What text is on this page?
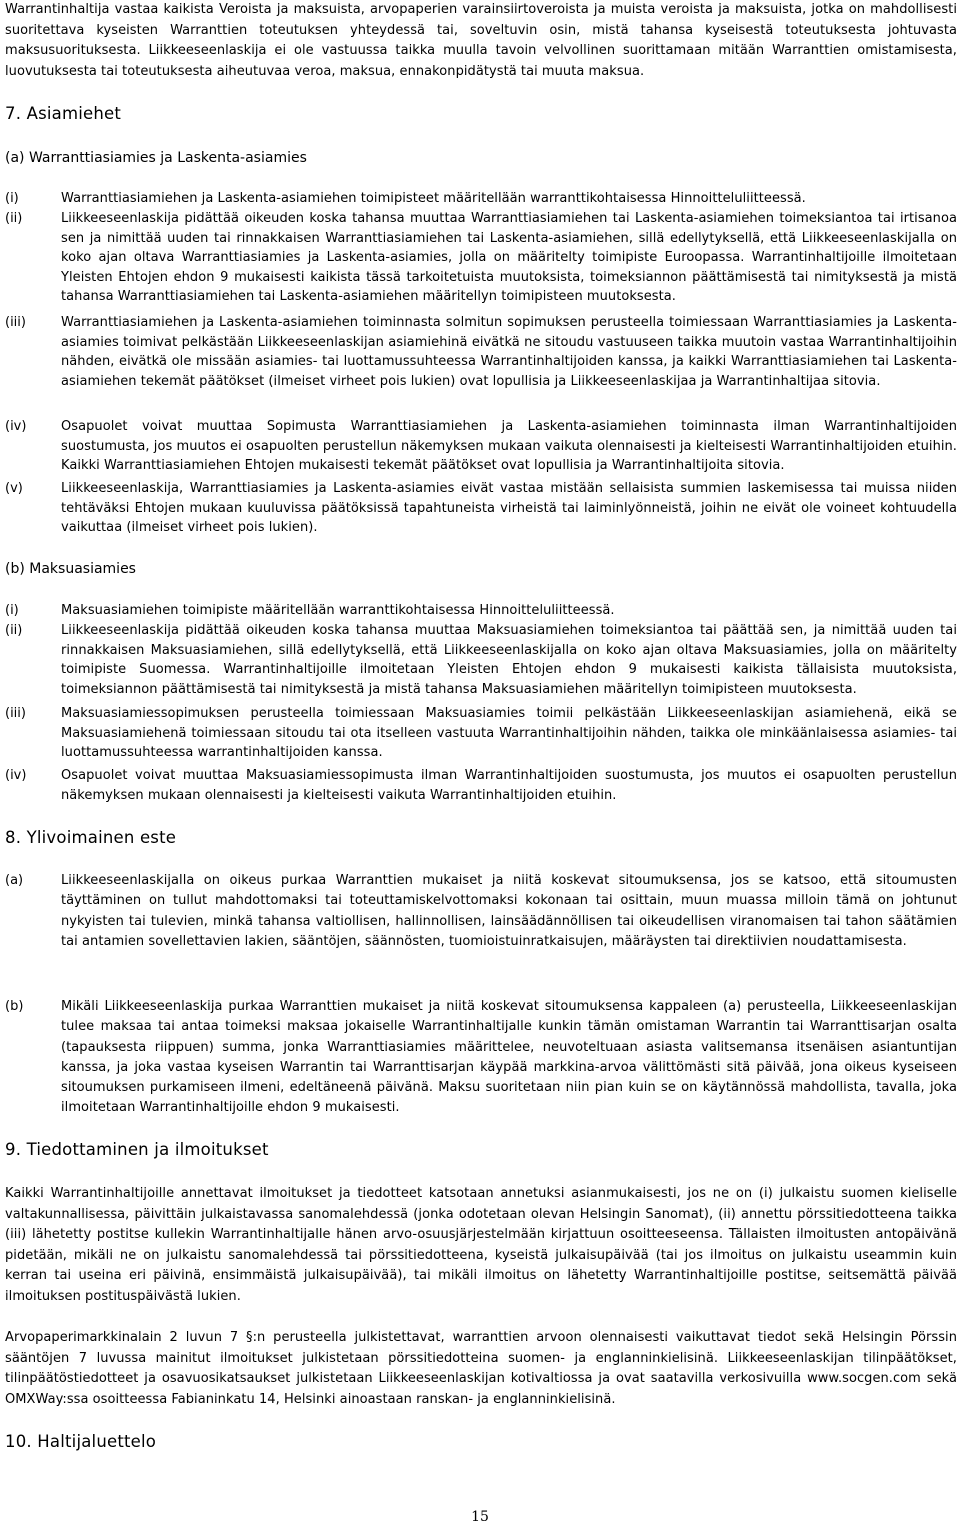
Warrantinhaltija vastaa kaikista Veroista ja maksuista, arvopaperien varainsiirtoveroista ja muista veroista ja maksuista, jotka on mahdollisesti suoritettava kyseisten Warranttien toteutuksen yhteydessä tai, soveltuvin osin, mistä tahansa kyseisestä toteutuksesta johtuvasta maksusuorituksesta. Liikkeeseenlaskija ei ole vastuussa taikka muulla tavoin velvollinen suorittamaan mitään Warranttien omistamisesta, luovutuksesta tai toteutuksesta aiheutuvaa veroa, maksua, ennakonpidätystä tai muuta maksua.

7. Asiamiehet
(a) Warranttiasiamies ja Laskenta-asiamies
(i)	Warranttiasiamiehen ja Laskenta-asiamiehen toimipisteet määritellään warranttikohtaisessa Hinnoitteluliitteessä.
(ii)	Liikkeeseenlaskija pidättää oikeuden koska tahansa muuttaa Warranttiasiamiehen tai Laskenta-asiamiehen toimeksiantoa tai irtisanoa sen ja nimittää uuden tai rinnakkaisen Warranttiasiamiehen tai Laskenta-asiamiehen, sillä edellytyksellä, että Liikkeeseenlaskijalla on koko ajan oltava Warranttiasiamies ja Laskenta-asiamies, jolla on määritelty toimipiste Euroopassa. Warrantinhaltijoille ilmoitetaan Yleisten Ehtojen ehdon 9 mukaisesti kaikista tässä tarkoitetuista muutoksista, toimeksiannon päättämisestä tai nimityksestä ja mistä tahansa Warranttiasiamiehen tai Laskenta-asiamiehen määritellyn toimipisteen muutoksesta.
(iii)	Warranttiasiamiehen ja Laskenta-asiamiehen toiminnasta solmitun sopimuksen perusteella toimiessaan Warranttiasiamies ja Laskenta-asiamies toimivat pelkästään Liikkeeseenlaskijan asiamiehinä eivätkä ne sitoudu vastuuseen taikka muutoin vastaa Warrantinhaltijoihin nähden, eivätkä ole missään asiamies- tai luottamussuhteessa Warrantinhaltijoiden kanssa, ja kaikki Warranttiasiamiehen tai Laskenta-asiamiehen tekemät päätökset (ilmeiset virheet pois lukien) ovat lopullisia ja Liikkeeseenlaskijaa ja Warrantinhaltijaa sitovia.
(iv)	Osapuolet voivat muuttaa Sopimusta Warranttiasiamiehen ja Laskenta-asiamiehen toiminnasta ilman Warrantinhaltijoiden suostumusta, jos muutos ei osapuolten perustellun näkemyksen mukaan vaikuta olennaisesti ja kielteisesti Warrantinhaltijoiden etuihin. Kaikki Warranttiasiamiehen Ehtojen mukaisesti tekemät päätökset ovat lopullisia ja Warrantinhaltijoita sitovia.
(v)	Liikkeeseenlaskija, Warranttiasiamies ja Laskenta-asiamies eivät vastaa mistään sellaisista summien laskemisessa tai muissa niiden tehtäväksi Ehtojen mukaan kuuluvissa päätöksissä tapahtuneista virheistä tai laiminlyönneistä, joihin ne eivät ole voineet kohtuudella vaikuttaa (ilmeiset virheet pois lukien).
(b) Maksuasiamies
(i)	Maksuasiamiehen toimipiste määritellään warranttikohtaisessa Hinnoitteluliitteessä.
(ii)	Liikkeeseenlaskija pidättää oikeuden koska tahansa muuttaa Maksuasiamiehen toimeksiantoa tai päättää sen, ja nimittää uuden tai rinnakkaisen Maksuasiamiehen, sillä edellytyksellä, että Liikkeeseenlaskijalla on koko ajan oltava Maksuasiamies, jolla on määritelty toimipiste Suomessa. Warrantinhaltijoille ilmoitetaan Yleisten Ehtojen ehdon 9 mukaisesti kaikista tällaisista muutoksista, toimeksiannon päättämisestä tai nimityksestä ja mistä tahansa Maksuasiamiehen määritellyn toimipisteen muutoksesta.
(iii)	Maksuasiamiessopimuksen perusteella toimiessaan Maksuasiamies toimii pelkästään Liikkeeseenlaskijan asiamiehenä, eikä se Maksuasiamiehenä toimiessaan sitoudu tai ota itselleen vastuuta Warrantinhaltijoihin nähden, taikka ole minkäänlaisessa asiamies- tai luottamussuhteessa warrantinhaltijoiden kanssa.
(iv)	Osapuolet voivat muuttaa Maksuasiamiessopimusta ilman Warrantinhaltijoiden suostumusta, jos muutos ei osapuolten perustellun näkemyksen mukaan olennaisesti ja kielteisesti vaikuta Warrantinhaltijoiden etuihin.
8. Ylivoimainen este
(a)	Liikkeeseenlaskijalla on oikeus purkaa Warranttien mukaiset ja niitä koskevat sitoumuksensa, jos se katsoo, että sitoumusten täyttäminen on tullut mahdottomaksi tai toteuttamiskelvottomaksi kokonaan tai osittain, muun muassa milloin tämä on johtunut nykyisten tai tulevien, minkä tahansa valtiollisen, hallinnollisen, lainsäädännöllisen tai oikeudellisen viranomaisen tai tahon säätämien tai antamien sovellettavien lakien, sääntöjen, säännösten, tuomioistuinratkaisujen, määräysten tai direktiivien noudattamisesta.
(b)	Mikäli Liikkeeseenlaskija purkaa Warranttien mukaiset ja niitä koskevat sitoumuksensa kappaleen (a) perusteella, Liikkeeseenlaskijan tulee maksaa tai antaa toimeksi maksaa jokaiselle Warrantinhaltijalle kunkin tämän omistaman Warrantin tai Warranttisarjan osalta (tapauksesta riippuen) summa, jonka Warranttiasiamies määrittelee, neuvoteltuaan asiasta valitsemansa itsenäisen asiantuntijan kanssa, ja joka vastaa kyseisen Warrantin tai Warranttisarjan käypää markkina-arvoa välittömästi sitä päivää, jona oikeus kyseiseen sitoumuksen purkamiseen ilmeni, edeltäneenä päivänä. Maksu suoritetaan niin pian kuin se on käytännössä mahdollista, tavalla, joka ilmoitetaan Warrantinhaltijoille ehdon 9 mukaisesti.
9. Tiedottaminen ja ilmoitukset

Kaikki Warrantinhaltijoille annettavat ilmoitukset ja tiedotteet katsotaan annetuksi asianmukaisesti, jos ne on (i) julkaistu suomen kieliselle valtakunnallisessa, päivittäin julkaistavassa sanomalehdessä (jonka odotetaan olevan Helsingin Sanomat), (ii) annettu pörssitiedotteena taikka (iii) lähetetty postitse kullekin Warrantinhaltijalle hänen arvo-osuusjärjestelmään kirjattuun osoitteeseensa. Tällaisten ilmoitusten antopäivänä pidetään, mikäli ne on julkaistu sanomalehdessä tai pörssitiedotteena, kyseistä julkaisupäivää (tai jos ilmoitus on julkaistu useammin kuin kerran tai useina eri päivinä, ensimmäistä julkaisupäivää), tai mikäli ilmoitus on lähetetty Warrantinhaltijoille postitse, seitsemättä päivää ilmoituksen postituspäivästä lukien.

Arvopaperimarkkinalain 2 luvun 7 §:n perusteella julkistettavat, warranttien arvoon olennaisesti vaikuttavat tiedot sekä Helsingin Pörssin sääntöjen 7 luvussa mainitut ilmoitukset julkistetaan pörssitiedotteina suomen- ja englanninkielisinä. Liikkeeseenlaskijan tilinpäätökset, tilinpäätöstiedotteet ja osavuosikatsaukset julkistetaan Liikkeeseenlaskijan kotivaltiossa ja ovat saatavilla verkosivuilla www.socgen.com sekä OMXWay:ssa osoitteessa Fabianinkatu 14, Helsinki ainoastaan ranskan- ja englanninkielisinä.

10. Haltijaluettelo
15
